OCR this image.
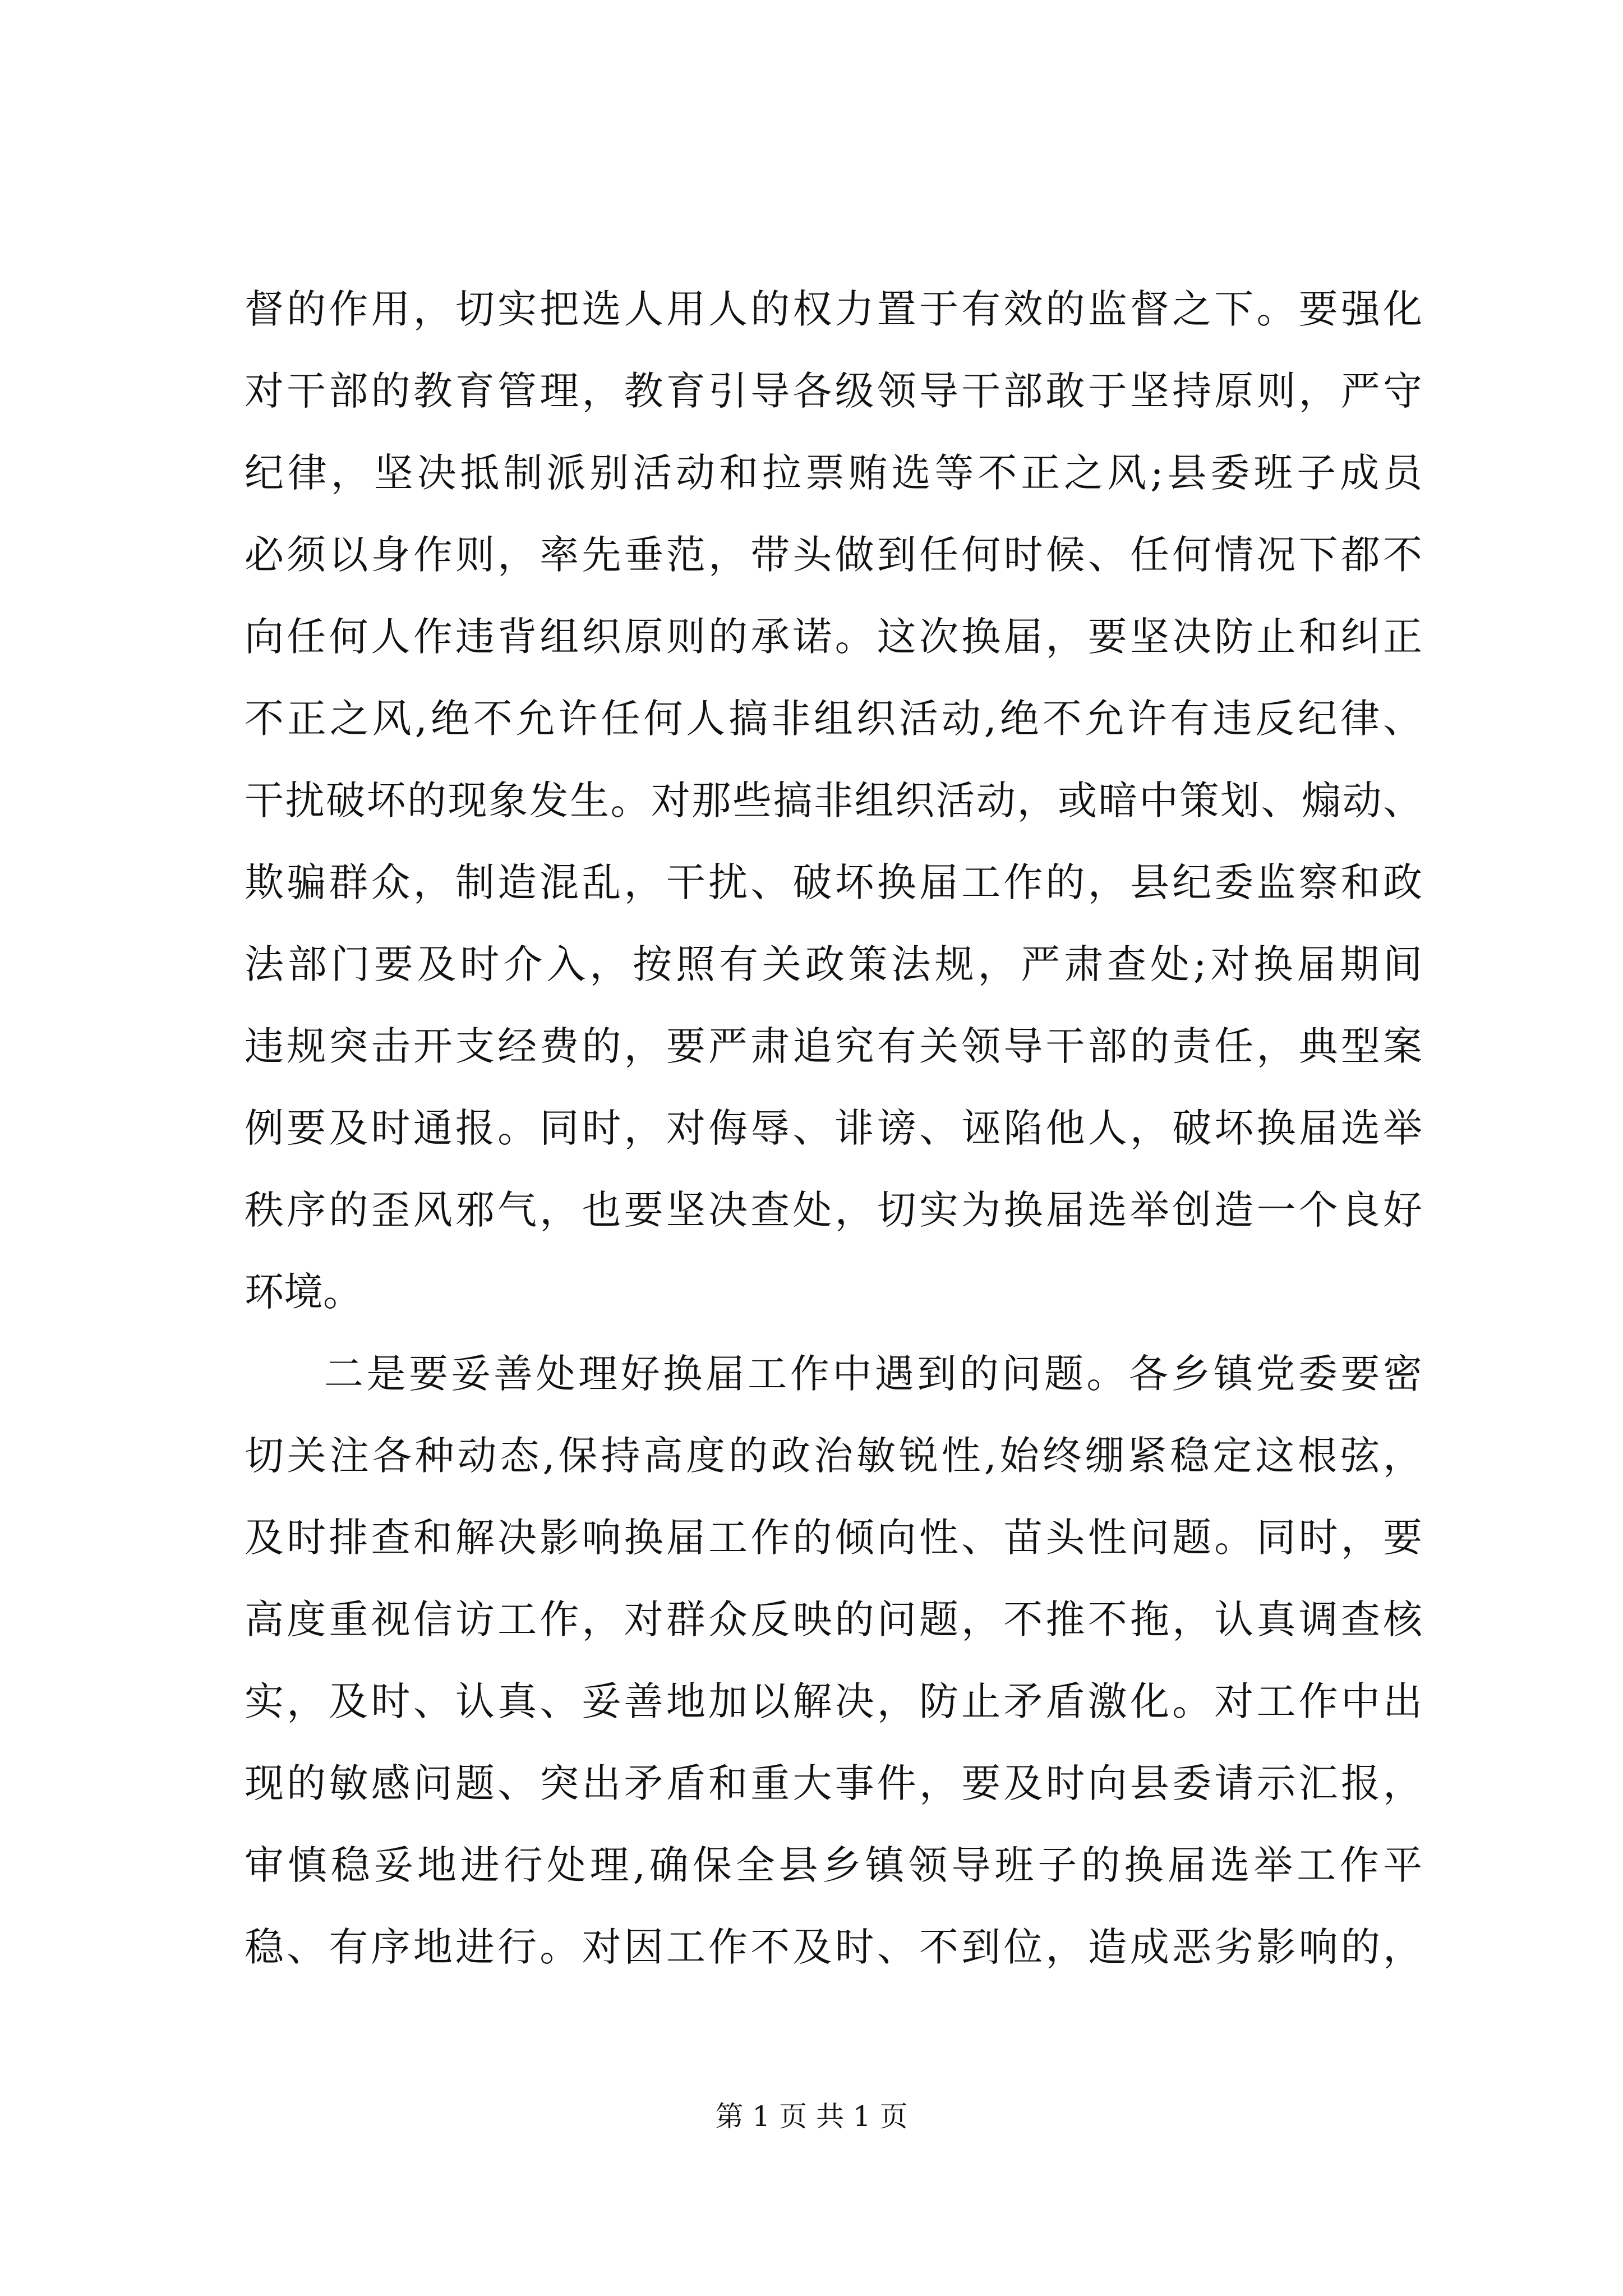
督的作用，切实把选人用人的权力置于有效的监督之下。要强化
对干部的教育管理，教育引导各级领导干部敢于坚持原则，严守
纪律，坚决抵制派别活动和拉票贿选等不正之风;县委班子成员
必须以身作则，率先垂范，带头做到任何时候、任何情况下都不
向任何人作违背组织原则的承诺。这次换届，要坚决防止和纠正
不正之风,绝不允许任何人搞非组织活动,绝不允许有违反纪律、
干扰破坏的现象发生。对那些搞非组织活动，或暗中策划、煽动、
欺骗群众，制造混乱，干扰、破坏换届工作的，县纪委监察和政
法部门要及时介入，按照有关政策法规，严肃查处;对换届期间
违规突击开支经费的，要严肃追究有关领导干部的责任，典型案
例要及时通报。同时，对侮辱、诽谤、诬陷他人，破坏换届选举
秩序的歪风邪气，也要坚决查处，切实为换届选举创造一个良好
环境。
二是要妥善处理好换届工作中遇到的问题。各乡镇党委要密
切关注各种动态,保持高度的政治敏锐性,始终绷紧稳定这根弦，
及时排查和解决影响换届工作的倾向性、苗头性问题。同时，要
高度重视信访工作，对群众反映的问题，不推不拖，认真调查核
实，及时、认真、妥善地加以解决，防止矛盾激化。对工作中出
现的敏感问题、突出矛盾和重大事件，要及时向县委请示汇报，
审慎稳妥地进行处理,确保全县乡镇领导班子的换届选举工作平
稳、有序地进行。对因工作不及时、不到位，造成恶劣影响的，
第 1 页 共 1 页
